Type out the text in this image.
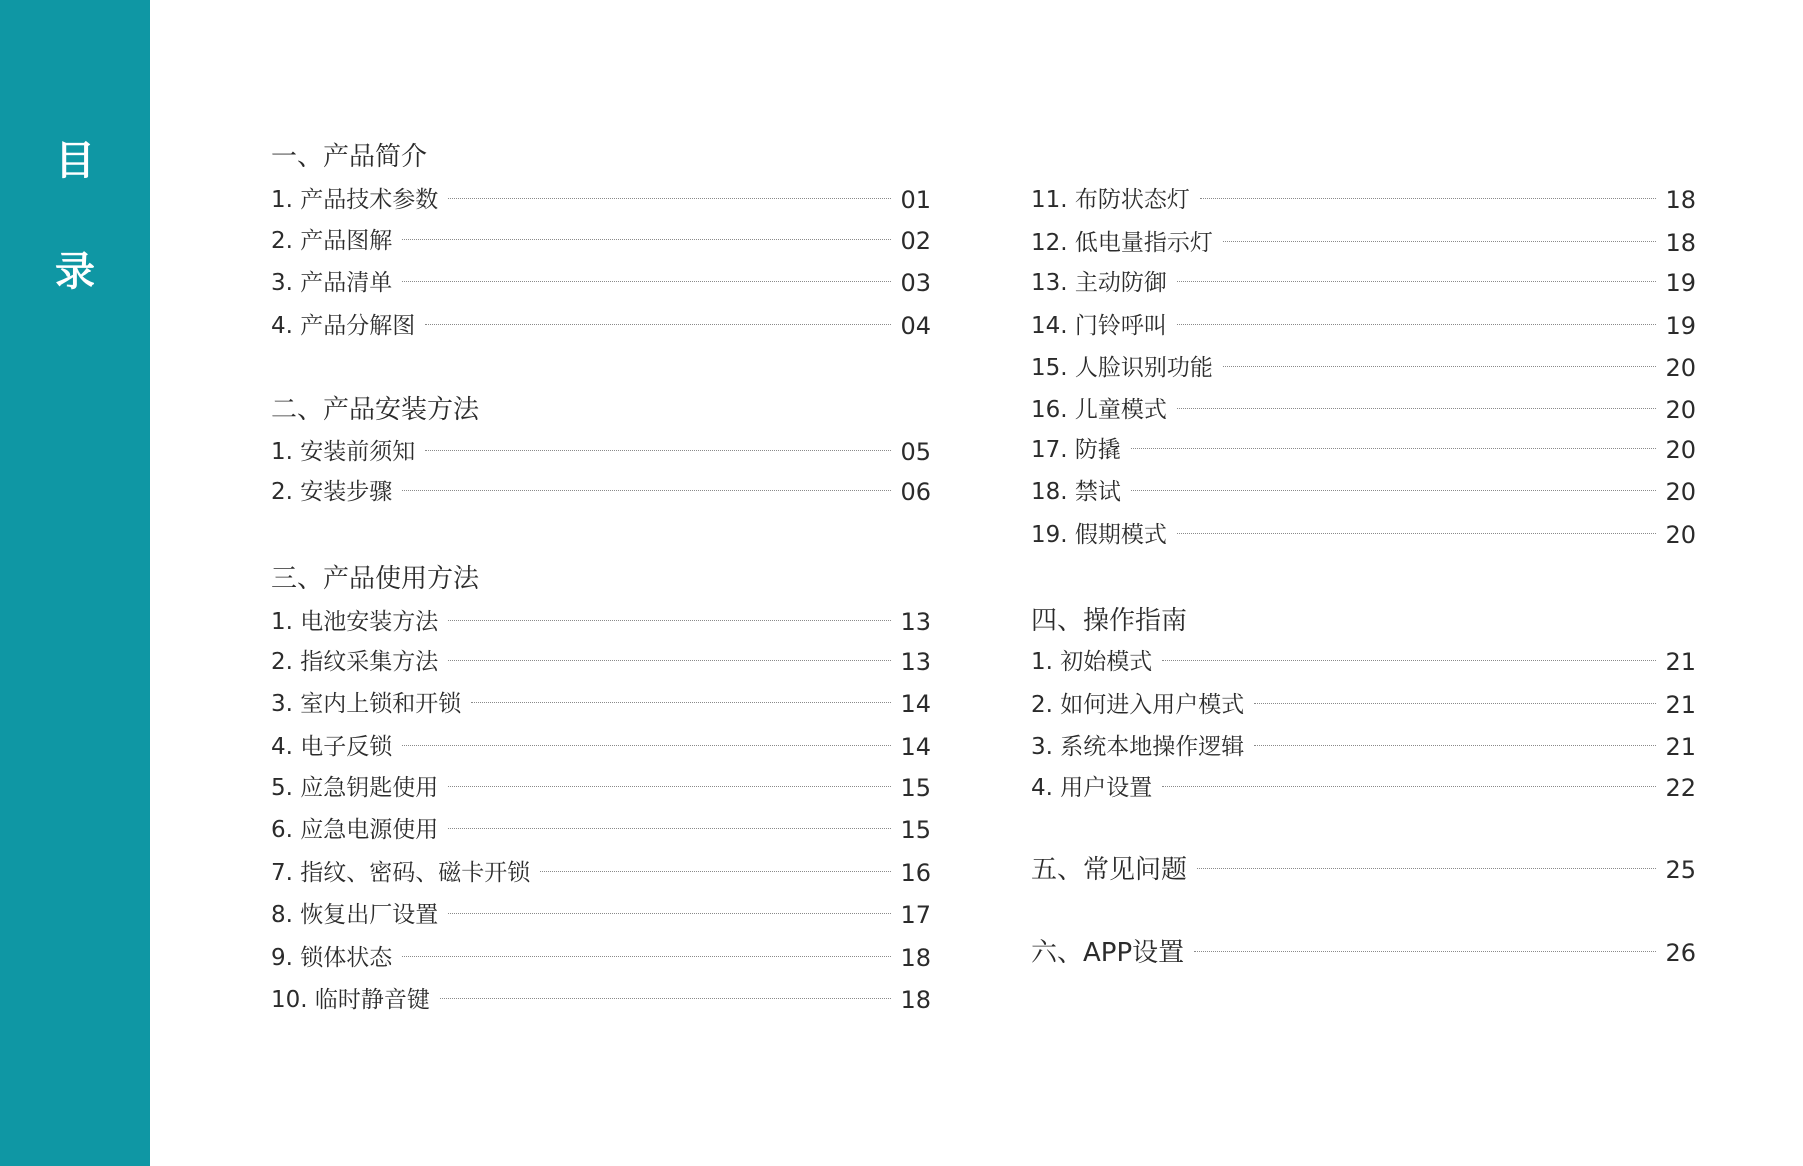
目
录
一、产品简介
1. 产品技术参数	01
2. 产品图解	02
3. 产品清单	03
4. 产品分解图	04
二、产品安装方法
1. 安装前须知	05
2. 安装步骤	06
三、产品使用方法
1. 电池安装方法	13
2. 指纹采集方法	13
3. 室内上锁和开锁	14
4. 电子反锁	14
5. 应急钥匙使用	15
6. 应急电源使用	15
7. 指纹、密码、磁卡开锁	16
8. 恢复出厂设置	17
9. 锁体状态	18
10. 临时静音键	18
11. 布防状态灯	18
12. 低电量指示灯	18
13. 主动防御	19
14. 门铃呼叫	19
15. 人脸识别功能	20
16. 儿童模式	20
17. 防撬	20
18. 禁试	20
19. 假期模式	20
四、操作指南
1. 初始模式	21
2. 如何进入用户模式	21
3. 系统本地操作逻辑	21
4. 用户设置	22
五、常见问题	25
六、APP设置	26
